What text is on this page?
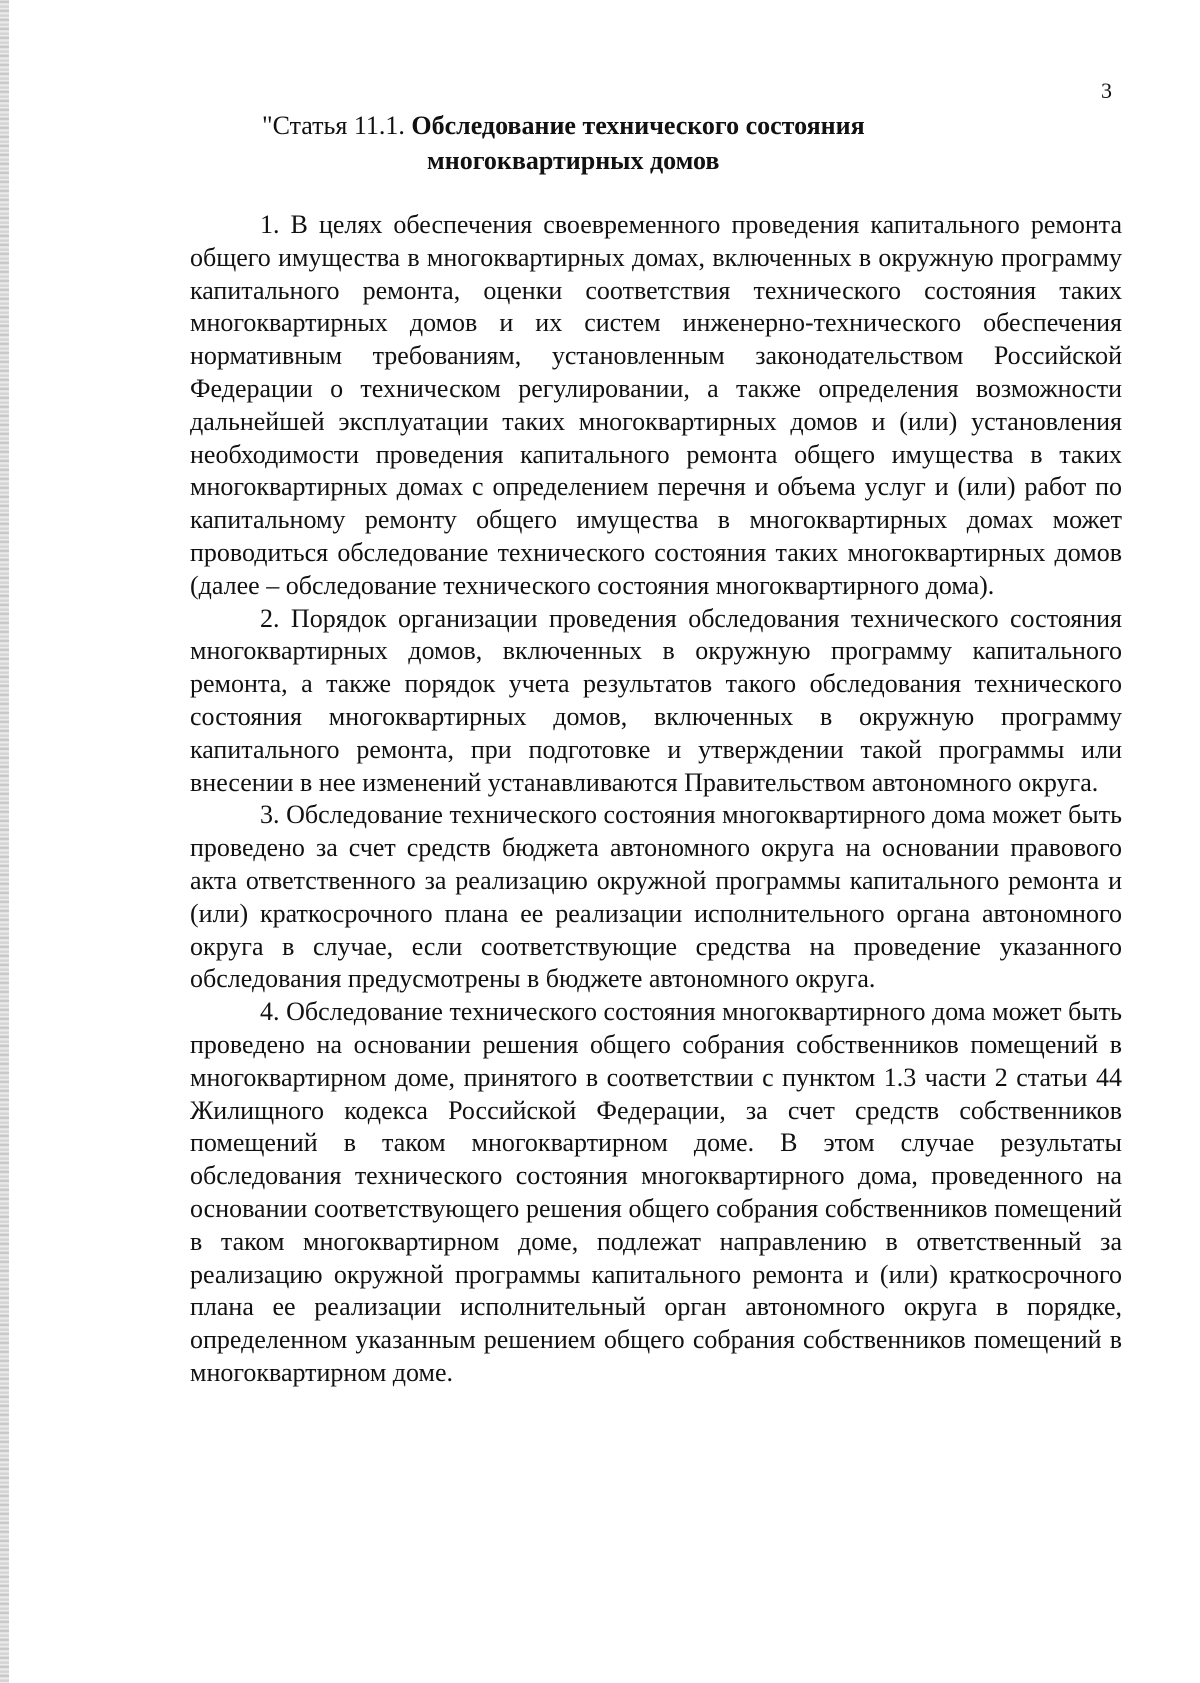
3
"Статья 11.1. Обследование технического состояния
многоквартирных домов

1. В целях обеспечения своевременного проведения капитального ремонта общего имущества в многоквартирных домах, включенных в окружную программу капитального ремонта, оценки соответствия технического состояния таких многоквартирных домов и их систем инженерно-технического обеспечения нормативным требованиям, установленным законодательством Российской Федерации о техническом регулировании, а также определения возможности дальнейшей эксплуатации таких многоквартирных домов и (или) установления необходимости проведения капитального ремонта общего имущества в таких многоквартирных домах с определением перечня и объема услуг и (или) работ по капитальному ремонту общего имущества в многоквартирных домах может проводиться обследование технического состояния таких многоквартирных домов (далее – обследование технического состояния многоквартирного дома).

2. Порядок организации проведения обследования технического состояния многоквартирных домов, включенных в окружную программу капитального ремонта, а также порядок учета результатов такого обследования технического состояния многоквартирных домов, включенных в окружную программу капитального ремонта, при подготовке и утверждении такой программы или внесении в нее изменений устанавливаются Правительством автономного округа.

3. Обследование технического состояния многоквартирного дома может быть проведено за счет средств бюджета автономного округа на основании правового акта ответственного за реализацию окружной программы капитального ремонта и (или) краткосрочного плана ее реализации исполнительного органа автономного округа в случае, если соответствующие средства на проведение указанного обследования предусмотрены в бюджете автономного округа.

4. Обследование технического состояния многоквартирного дома может быть проведено на основании решения общего собрания собственников помещений в многоквартирном доме, принятого в соответствии с пунктом 1.3 части 2 статьи 44 Жилищного кодекса Российской Федерации, за счет средств собственников помещений в таком многоквартирном доме. В этом случае результаты обследования технического состояния многоквартирного дома, проведенного на основании соответствующего решения общего собрания собственников помещений в таком многоквартирном доме, подлежат направлению в ответственный за реализацию окружной программы капитального ремонта и (или) краткосрочного плана ее реализации исполнительный орган автономного округа в порядке, определенном указанным решением общего собрания собственников помещений в многоквартирном доме.
